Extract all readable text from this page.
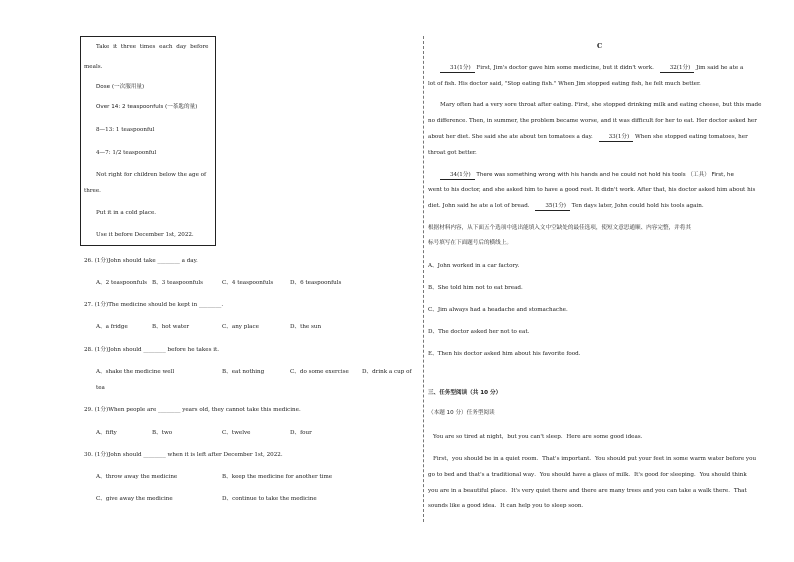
Take it three times each day before
meals.
Dose (一次服用量)
Over 14: 2 teaspoonfuls (一茶匙的量)
8—13: 1 teaspoonful
4—7: 1/2 teaspoonful
Not right for children below the age of
three.
Put it in a cold place.
Use it before December 1st, 2022.
26. (1分)John should take ________ a day.
A、2 teaspoonfuls B、3 teaspoonfuls	C、4 teaspoonfuls	D、6 teaspoonfuls
27. (1分)The medicine should be kept in ________.
A、a fridge	B、hot water	C、any place	D、the sun
28. (1分)John should ________ before he takes it.
A、shake the medicine well	B、eat nothing	C、do some exercise D、drink a cup of
tea
29. (1分)When people are ________ years old, they cannot take this medicine.
A、fifty	B、two	C、twelve	D、four
30. (1分)John should ________ when it is left after December 1st, 2022.
A、throw away the medicine	B、keep the medicine for another time
C、give away the medicine	D、continue to take the medicine
C
31(1分) First, Jim's doctor gave him some medicine, but it didn't work.	32(1分) Jim said he ate a
lot of fish. His doctor said, "Stop eating fish." When Jim stopped eating fish, he felt much better.
Mary often had a very sore throat after eating. First, she stopped drinking milk and eating cheese, but this made
no difference. Then, in summer, the problem became worse, and it was difficult for her to eat. Her doctor asked her
about her diet. She said she ate about ten tomatoes a day.	33(1分) When she stopped eating tomatoes, her
throat got better.
34(1分) There was something wrong with his hands and he could not hold his tools （工具） First, he
went to his doctor, and she asked him to have a good rest. It didn't work. After that, his doctor asked him about his
diet. John said he ate a lot of bread.	35(1分) Ten days later, John could hold his tools again.
根据材料内容，从下面五个选项中选出能填入文中空缺处的最佳选项，使短文意思通顺、内容完整，并将其
标号填写在下面题号后的横线上。
A、John worked in a car factory.
B、She told him not to eat bread.
C、Jim always had a headache and stomachache.
D、The doctor asked her not to eat.
E、Then his doctor asked him about his favorite food.
三、任务型阅读（共 10 分）
（本题 10 分）任务型阅读
You are so tired at night，but you can't sleep．Here are some good ideas．
First，you should be in a quiet room．That's important．You should put your feet in some warm water before you
go to bed and that's a traditional way．You should have a glass of milk．It's good for sleeping．You should think
you are in a beautiful place．It's very quiet there and there are many trees and you can take a walk there．That
sounds like a good idea．It can help you to sleep soon．
